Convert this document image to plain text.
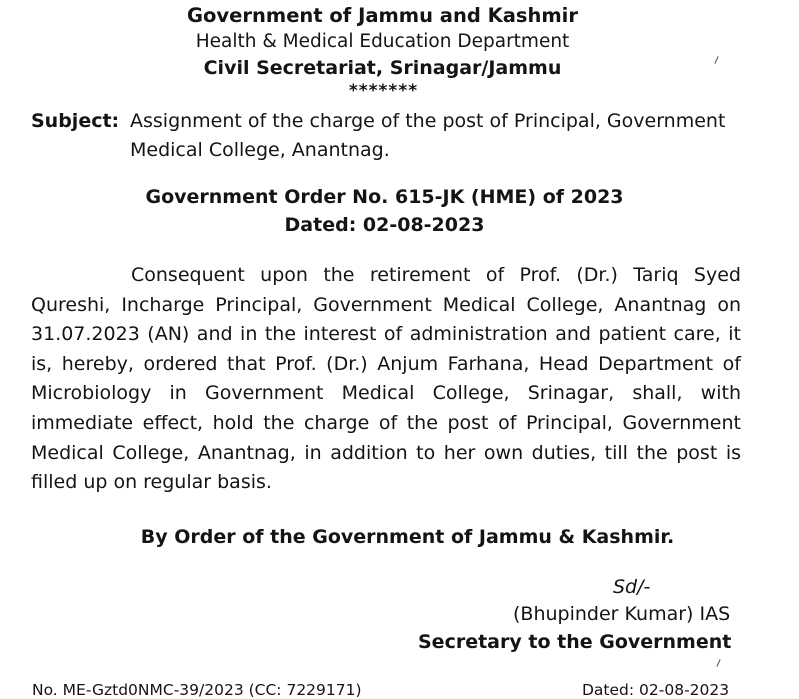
Government of Jammu and Kashmir
Health & Medical Education Department
Civil Secretariat, Srinagar/Jammu
*******
Subject: Assignment of the charge of the post of Principal, Government Medical College, Anantnag.
Government Order No. 615-JK (HME) of 2023
Dated: 02-08-2023
Consequent upon the retirement of Prof. (Dr.) Tariq Syed Qureshi, Incharge Principal, Government Medical College, Anantnag on 31.07.2023 (AN) and in the interest of administration and patient care, it is, hereby, ordered that Prof. (Dr.) Anjum Farhana, Head Department of Microbiology in Government Medical College, Srinagar, shall, with immediate effect, hold the charge of the post of Principal, Government Medical College, Anantnag, in addition to her own duties, till the post is filled up on regular basis.
By Order of the Government of Jammu & Kashmir.
Sd/-
(Bhupinder Kumar) IAS
Secretary to the Government
No. ME-Gztd0NMC-39/2023 (CC: 7229171)	Dated: 02-08-2023
